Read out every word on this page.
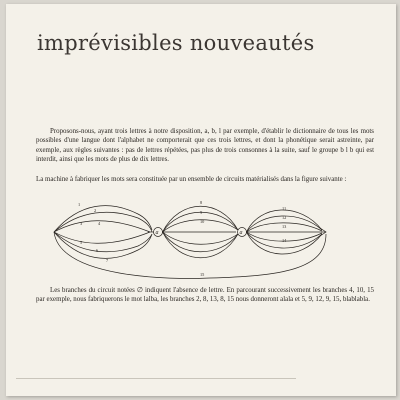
imprévisibles nouveautés

Proposons-nous, ayant trois lettres à notre disposition, a, b, l par exemple, d'établir le dictionnaire de tous les mots possibles d'une langue dont l'alphabet ne comporterait que ces trois lettres, et dont la phonétique serait astreinte, par exemple, aux règles suivantes : pas de lettres répétées, pas plus de trois consonnes à la suite, sauf le groupe b l b qui est interdit, ainsi que les mots de plus de dix lettres.

La machine à fabriquer les mots sera constituée par un ensemble de circuits matérialisés dans la figure suivante :

a	a
1
2
3	4
5
6
7
8
9
10
11
12
13
14
15

Les branches du circuit notées ∅ indiquent l'absence de lettre. En parcourant successivement les branches 4, 10, 15 par exemple, nous fabriquerons le mot lalba, les branches 2, 8, 13, 8, 15 nous donneront alala et 5, 9, 12, 9, 15, blablabla.
